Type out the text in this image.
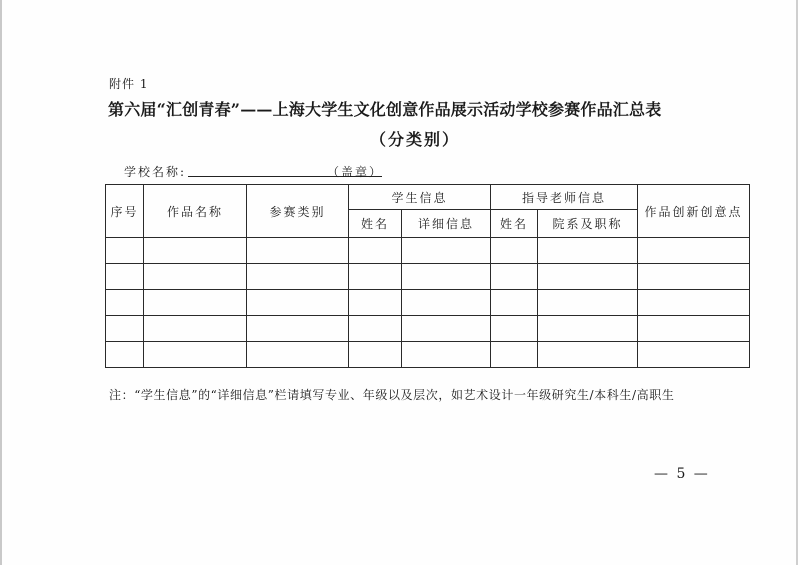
附件 1
第六届“汇创青春”——上海大学生文化创意作品展示活动学校参赛作品汇总表
（分类别）
学校名称:	（盖章）
序号	作品名称	参赛类别	学生信息		指导老师信息		作品创新创意点
			姓名	详细信息	姓名	院系及职称	

注：“学生信息”的“详细信息”栏请填写专业、年级以及层次，如艺术设计一年级研究生/本科生/高职生
— 5 —
